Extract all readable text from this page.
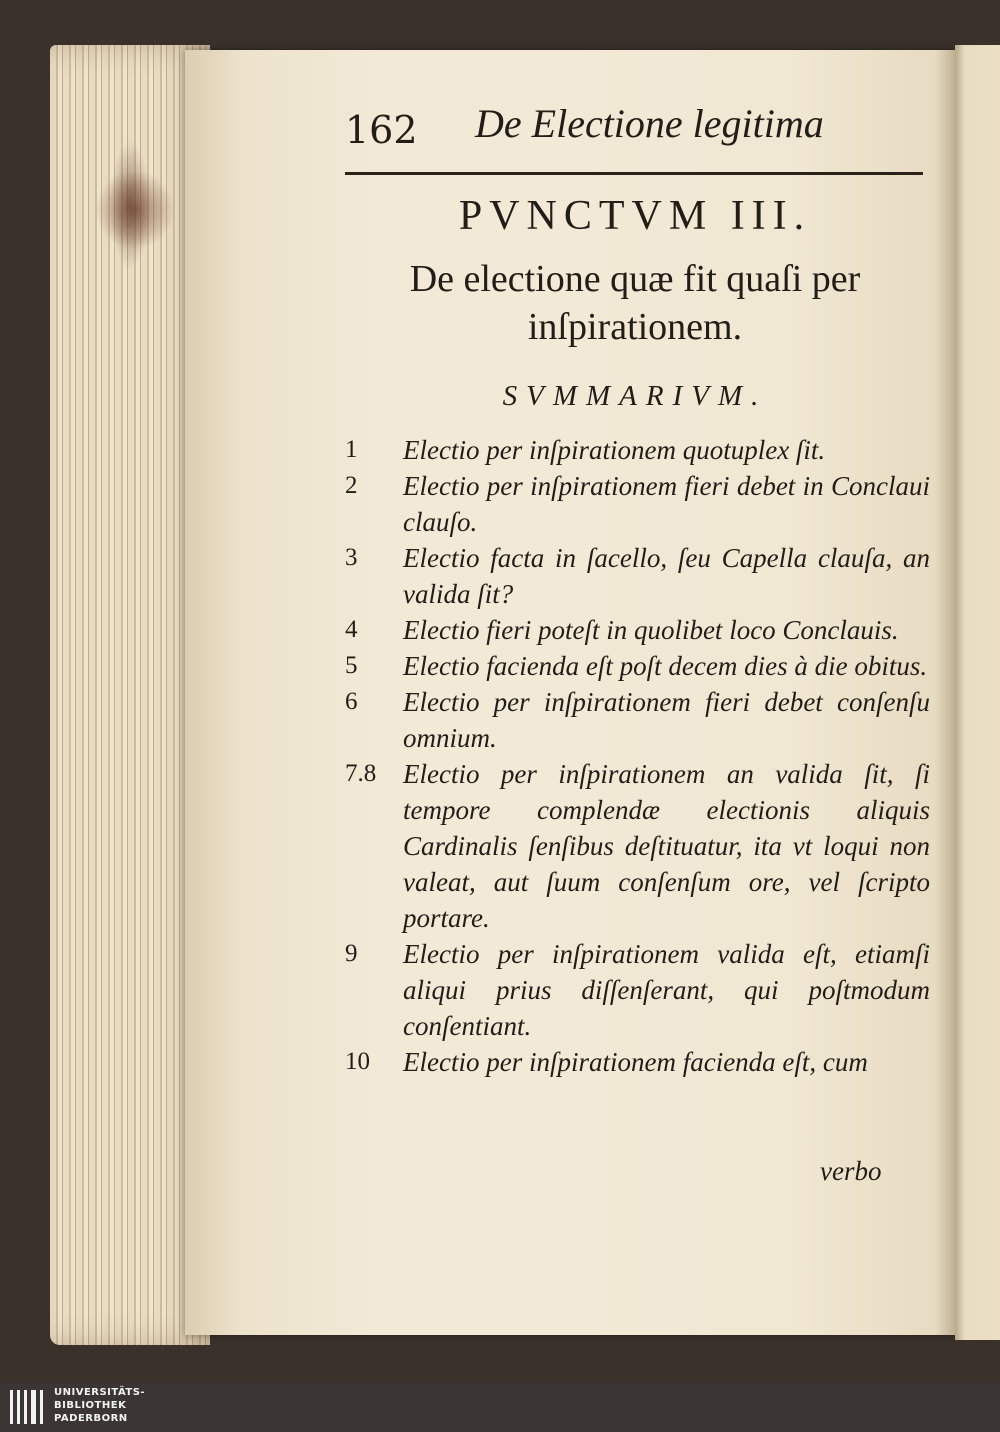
162 De Electione legitima
PVNCTVM III.
De electione quæ fit quaſi per
inſpirationem.
SVMMARIVM.
1	Electio per inſpirationem quotuplex ſit.
2	Electio per inſpirationem fieri debet in Conclaui clauſo.
3	Electio facta in ſacello, ſeu Capella clauſa, an valida ſit?
4	Electio fieri poteſt in quolibet loco Conclauis.
5	Electio facienda eſt poſt decem dies à die obitus.
6	Electio per inſpirationem fieri debet conſenſu omnium.
7.8 Electio per inſpirationem an valida ſit, ſi tempore complendæ electionis aliquis Cardinalis ſenſibus deſtituatur, ita vt loqui non valeat, aut ſuum conſenſum ore, vel ſcripto portare.
9	Electio per inſpirationem valida eſt, etiamſi aliqui prius diſſenſerant, qui poſtmodum conſentiant.
10	Electio per inſpirationem facienda eſt, cum
verbo
UNIVERSITÄTS-
BIBLIOTHEK
PADERBORN
